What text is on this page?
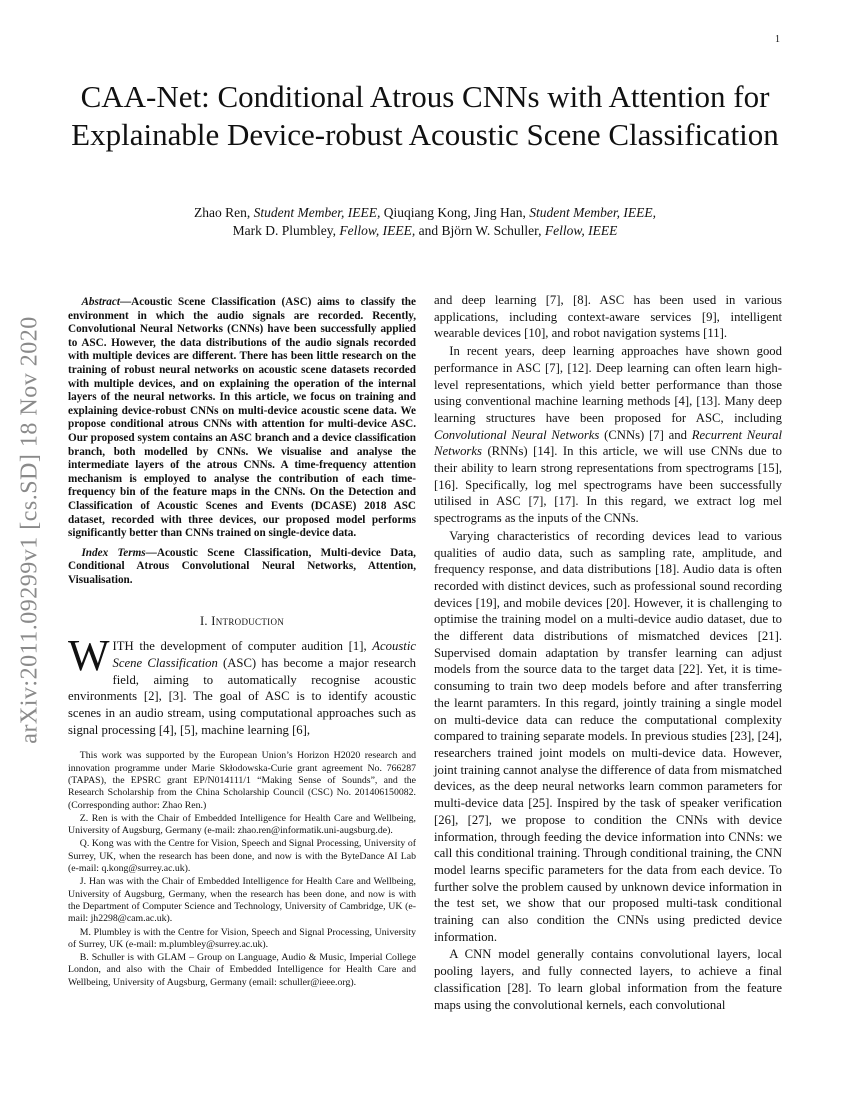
1
arXiv:2011.09299v1 [cs.SD] 18 Nov 2020
CAA-Net: Conditional Atrous CNNs with Attention for Explainable Device-robust Acoustic Scene Classification
Zhao Ren, Student Member, IEEE, Qiuqiang Kong, Jing Han, Student Member, IEEE,
Mark D. Plumbley, Fellow, IEEE, and Björn W. Schuller, Fellow, IEEE
Abstract—Acoustic Scene Classification (ASC) aims to classify the environment in which the audio signals are recorded. Recently, Convolutional Neural Networks (CNNs) have been successfully applied to ASC. However, the data distributions of the audio signals recorded with multiple devices are different. There has been little research on the training of robust neural networks on acoustic scene datasets recorded with multiple devices, and on explaining the operation of the internal layers of the neural networks. In this article, we focus on training and explaining device-robust CNNs on multi-device acoustic scene data. We propose conditional atrous CNNs with attention for multi-device ASC. Our proposed system contains an ASC branch and a device classification branch, both modelled by CNNs. We visualise and analyse the intermediate layers of the atrous CNNs. A time-frequency attention mechanism is employed to analyse the contribution of each time-frequency bin of the feature maps in the CNNs. On the Detection and Classification of Acoustic Scenes and Events (DCASE) 2018 ASC dataset, recorded with three devices, our proposed model performs significantly better than CNNs trained on single-device data.
Index Terms—Acoustic Scene Classification, Multi-device Data, Conditional Atrous Convolutional Neural Networks, Attention, Visualisation.
I. Introduction

WITH the development of computer audition [1], Acoustic Scene Classification (ASC) has become a major research field, aiming to automatically recognise acoustic environments [2], [3]. The goal of ASC is to identify acoustic scenes in an audio stream, using computational approaches such as signal processing [4], [5], machine learning [6],

This work was supported by the European Union’s Horizon H2020 research and innovation programme under Marie Skłodowska-Curie grant agreement No. 766287 (TAPAS), the EPSRC grant EP/N014111/1 “Making Sense of Sounds”, and the Research Scholarship from the China Scholarship Council (CSC) No. 201406150082. (Corresponding author: Zhao Ren.)

Z. Ren is with the Chair of Embedded Intelligence for Health Care and Wellbeing, University of Augsburg, Germany (e-mail: zhao.ren@informatik.uni-augsburg.de).

Q. Kong was with the Centre for Vision, Speech and Signal Processing, University of Surrey, UK, when the research has been done, and now is with the ByteDance AI Lab (e-mail: q.kong@surrey.ac.uk).

J. Han was with the Chair of Embedded Intelligence for Health Care and Wellbeing, University of Augsburg, Germany, when the research has been done, and now is with the Department of Computer Science and Technology, University of Cambridge, UK (e-mail: jh2298@cam.ac.uk).

M. Plumbley is with the Centre for Vision, Speech and Signal Processing, University of Surrey, UK (e-mail: m.plumbley@surrey.ac.uk).

B. Schuller is with GLAM – Group on Language, Audio & Music, Imperial College London, and also with the Chair of Embedded Intelligence for Health Care and Wellbeing, University of Augsburg, Germany (email: schuller@ieee.org).

and deep learning [7], [8]. ASC has been used in various applications, including context-aware services [9], intelligent wearable devices [10], and robot navigation systems [11].

In recent years, deep learning approaches have shown good performance in ASC [7], [12]. Deep learning can often learn high-level representations, which yield better performance than those using conventional machine learning methods [4], [13]. Many deep learning structures have been proposed for ASC, including Convolutional Neural Networks (CNNs) [7] and Recurrent Neural Networks (RNNs) [14]. In this article, we will use CNNs due to their ability to learn strong representations from spectrograms [15], [16]. Specifically, log mel spectrograms have been successfully utilised in ASC [7], [17]. In this regard, we extract log mel spectrograms as the inputs of the CNNs.

Varying characteristics of recording devices lead to various qualities of audio data, such as sampling rate, amplitude, and frequency response, and data distributions [18]. Audio data is often recorded with distinct devices, such as professional sound recording devices [19], and mobile devices [20]. However, it is challenging to optimise the training model on a multi-device audio dataset, due to the different data distributions of mismatched devices [21]. Supervised domain adaptation by transfer learning can adjust models from the source data to the target data [22]. Yet, it is time-consuming to train two deep models before and after transferring the learnt paramters. In this regard, jointly training a single model on multi-device data can reduce the computational complexity compared to training separate models. In previous studies [23], [24], researchers trained joint models on multi-device data. However, joint training cannot analyse the difference of data from mismatched devices, as the deep neural networks learn common parameters for multi-device data [25]. Inspired by the task of speaker verification [26], [27], we propose to condition the CNNs with device information, through feeding the device information into CNNs: we call this conditional training. Through conditional training, the CNN model learns specific parameters for the data from each device. To further solve the problem caused by unknown device information in the test set, we show that our proposed multi-task conditional training can also condition the CNNs using predicted device information.

A CNN model generally contains convolutional layers, local pooling layers, and fully connected layers, to achieve a final classification [28]. To learn global information from the feature maps using the convolutional kernels, each convolutional
